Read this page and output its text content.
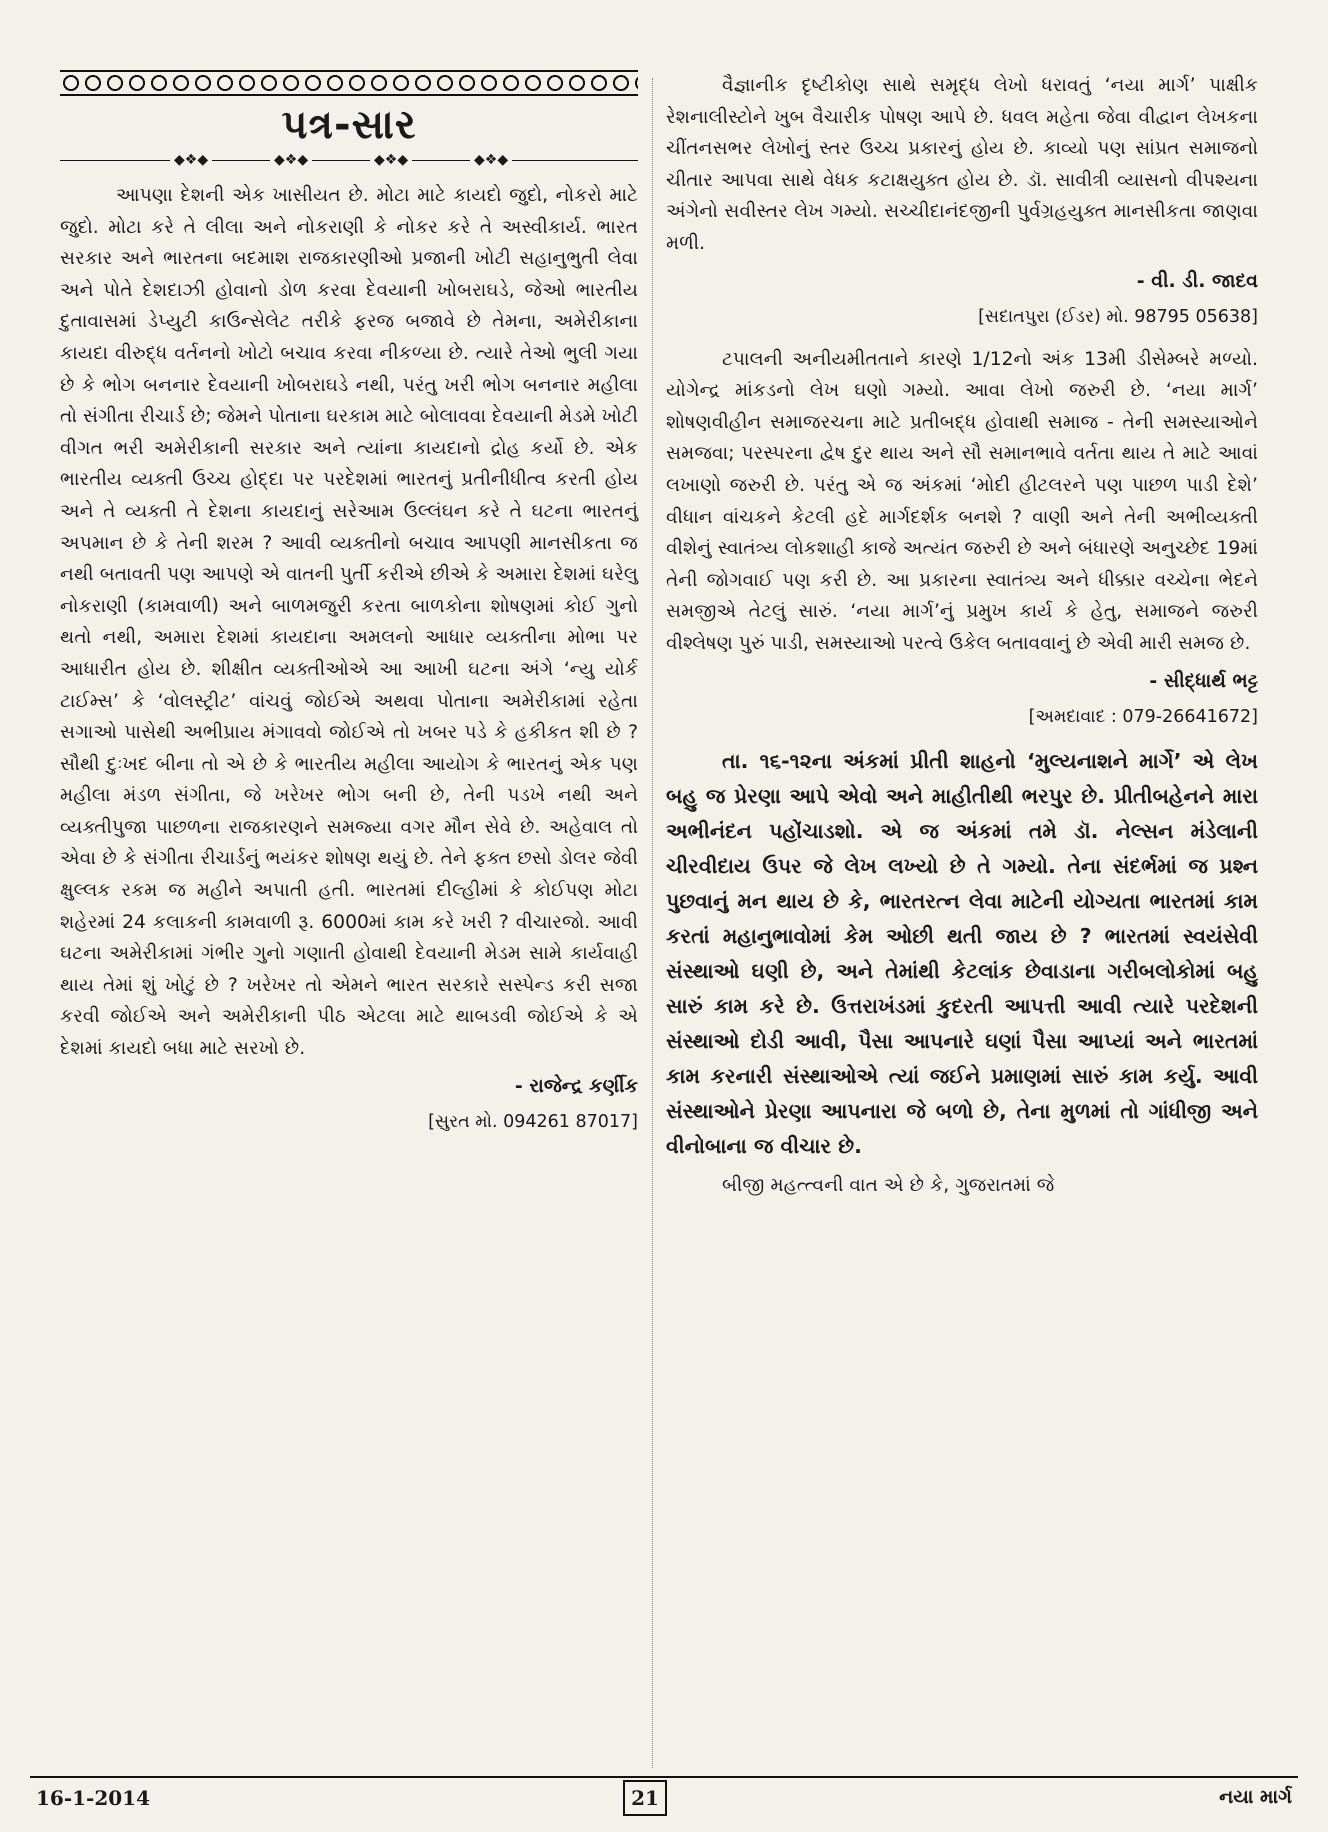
પત્ર-સાર
◆❖◆	◆❖◆	◆❖◆	◆❖◆

આપણા દેશની એક ખાસીયત છે. મોટા માટે કાયદો જુદો, નોકરો માટે જુદો. મોટા કરે તે લીલા અને નોકરાણી કે નોકર કરે તે અસ્વીકાર્ય. ભારત સરકાર અને ભારતના બદમાશ રાજકારણીઓ પ્રજાની ખોટી સહાનુભુતી લેવા અને પોતે દેશદાઝી હોવાનો ડોળ કરવા દેવયાની ખોબરાઘડે, જેઓ ભારતીય દુતાવાસમાં ડેપ્યુટી કાઉન્સેલેટ તરીકે ફરજ બજાવે છે તેમના, અમેરીકાના કાયદા વીરુદ્ધ વર્તનનો ખોટો બચાવ કરવા નીકળ્યા છે. ત્યારે તેઓ ભુલી ગયા છે કે ભોગ બનનાર દેવયાની ખોબરાઘડે નથી, પરંતુ ખરી ભોગ બનનાર મહીલા તો સંગીતા રીચાર્ડ છે; જેમને પોતાના ઘરકામ માટે બોલાવવા દેવયાની મેડમે ખોટી વીગત ભરી અમેરીકાની સરકાર અને ત્યાંના કાયદાનો દ્રોહ કર્યો છે. એક ભારતીય વ્યક્તી ઉચ્ચ હોદ્દા પર પરદેશમાં ભારતનું પ્રતીનીધીત્વ કરતી હોય અને તે વ્યક્તી તે દેશના કાયદાનું સરેઆમ ઉલ્લંઘન કરે તે ઘટના ભારતનું અપમાન છે કે તેની શરમ ? આવી વ્યક્તીનો બચાવ આપણી માનસીકતા જ નથી બતાવતી પણ આપણે એ વાતની પુર્તી કરીએ છીએ કે અમારા દેશમાં ઘરેલુ નોકરાણી (કામવાળી) અને બાળમજુરી કરતા બાળકોના શોષણમાં કોઈ ગુનો થતો નથી, અમારા દેશમાં કાયદાના અમલનો આધાર વ્યક્તીના મોભા પર આધારીત હોય છે. શીક્ષીત વ્યક્તીઓએ આ આખી ઘટના અંગે ‘ન્યુ યોર્ક ટાઈમ્સ’ કે ‘વોલસ્ટ્રીટ’ વાંચવું જોઈએ અથવા પોતાના અમેરીકામાં રહેતા સગાઓ પાસેથી અભીપ્રાય મંગાવવો જોઈએ તો ખબર પડે કે હકીકત શી છે ? સૌથી દુઃખદ બીના તો એ છે કે ભારતીય મહીલા આયોગ કે ભારતનું એક પણ મહીલા મંડળ સંગીતા, જે ખરેખર ભોગ બની છે, તેની પડખે નથી અને વ્યક્તીપુજા પાછળના રાજકારણને સમજ્યા વગર મૌન સેવે છે. અહેવાલ તો એવા છે કે સંગીતા રીચાર્ડનું ભયંકર શોષણ થયું છે. તેને ફક્ત છસો ડોલર જેવી ક્ષુલ્લક રકમ જ મહીને અપાતી હતી. ભારતમાં દીલ્હીમાં કે કોઈપણ મોટા શહેરમાં 24 કલાકની કામવાળી રૂ. 6000માં કામ કરે ખરી ? વીચારજો. આવી ઘટના અમેરીકામાં ગંભીર ગુનો ગણાતી હોવાથી દેવયાની મેડમ સામે કાર્યવાહી થાય તેમાં શું ખોટું છે ? ખરેખર તો એમને ભારત સરકારે સસ્પેન્ડ કરી સજા કરવી જોઈએ અને અમેરીકાની પીઠ એટલા માટે થાબડવી જોઈએ કે એ દેશમાં કાયદો બધા માટે સરખો છે.

- રાજેન્દ્ર કર્ણીક
[સુરત મો. 094261 87017]

વૈજ્ઞાનીક દૃષ્ટીકોણ સાથે સમૃદ્ધ લેખો ધરાવતું ‘નયા માર્ગ’ પાક્ષીક રેશનાલીસ્ટોને ખુબ વૈચારીક પોષણ આપે છે. ધવલ મહેતા જેવા વીદ્વાન લેખકના ચીંતનસભર લેખોનું સ્તર ઉચ્ચ પ્રકારનું હોય છે. કાવ્યો પણ સાંપ્રત સમાજનો ચીતાર આપવા સાથે વેધક કટાક્ષયુક્ત હોય છે. ડૉ. સાવીત્રી વ્યાસનો વીપશ્યના અંગેનો સવીસ્તર લેખ ગમ્યો. સચ્ચીદાનંદજીની પુર્વગ્રહયુક્ત માનસીકતા જાણવા મળી.

- વી. ડી. જાદવ
[સદાતપુરા (ઈડર) મો. 98795 05638]

ટપાલની અનીયમીતતાને કારણે 1/12નો અંક 13મી ડીસેમ્બરે મળ્યો. યોગેન્દ્ર માંકડનો લેખ ઘણો ગમ્યો. આવા લેખો જરુરી છે. ‘નયા માર્ગ’ શોષણવીહીન સમાજરચના માટે પ્રતીબદ્ધ હોવાથી સમાજ - તેની સમસ્યાઓને સમજવા; પરસ્પરના દ્વેષ દુર થાય અને સૌ સમાનભાવે વર્તતા થાય તે માટે આવાં લખાણો જરુરી છે. પરંતુ એ જ અંકમાં ‘મોદી હીટલરને પણ પાછળ પાડી દેશે’ વીધાન વાંચકને કેટલી હદે માર્ગદર્શક બનશે ? વાણી અને તેની અભીવ્યક્તી વીશેનું સ્વાતંત્ર્ય લોકશાહી કાજે અત્યંત જરુરી છે અને બંધારણે અનુચ્છેદ 19માં તેની જોગવાઈ પણ કરી છે. આ પ્રકારના સ્વાતંત્ર્ય અને ધીક્કાર વચ્ચેના ભેદને સમજીએ તેટલું સારું. ‘નયા માર્ગ’નું પ્રમુખ કાર્ય કે હેતુ, સમાજને જરુરી વીશ્લેષણ પુરું પાડી, સમસ્યાઓ પરત્વે ઉકેલ બતાવવાનું છે એવી મારી સમજ છે.

- સીદ્ધાર્થ ભટ્ટ
[અમદાવાદ : 079-26641672]

તા. ૧૬-૧૨ના અંકમાં પ્રીતી શાહનો ‘મુલ્યનાશને માર્ગે’ એ લેખ બહુ જ પ્રેરણા આપે એવો અને માહીતીથી ભરપુર છે. પ્રીતીબહેનને મારા અભીનંદન પહોંચાડશો. એ જ અંકમાં તમે ડૉ. નેલ્સન મંડેલાની ચીરવીદાય ઉપર જે લેખ લખ્યો છે તે ગમ્યો. તેના સંદર્ભમાં જ પ્રશ્ન પુછવાનું મન થાય છે કે, ભારતરત્ન લેવા માટેની યોગ્યતા ભારતમાં કામ કરતાં મહાનુભાવોમાં કેમ ઓછી થતી જાય છે ? ભારતમાં સ્વયંસેવી સંસ્થાઓ ઘણી છે, અને તેમાંથી કેટલાંક છેવાડાના ગરીબલોકોમાં બહુ સારું કામ કરે છે. ઉત્તરાખંડમાં કુદરતી આપત્તી આવી ત્યારે પરદેશની સંસ્થાઓ દોડી આવી, પૈસા આપનારે ઘણાં પૈસા આપ્યાં અને ભારતમાં કામ કરનારી સંસ્થાઓએ ત્યાં જઈને પ્રમાણમાં સારું કામ કર્યુ. આવી સંસ્થાઓને પ્રેરણા આપનારા જે બળો છે, તેના મુળમાં તો ગાંધીજી અને વીનોબાના જ વીચાર છે.

બીજી મહત્ત્વની વાત એ છે કે, ગુજરાતમાં જે

16-1-2014	21	નયા માર્ગ
